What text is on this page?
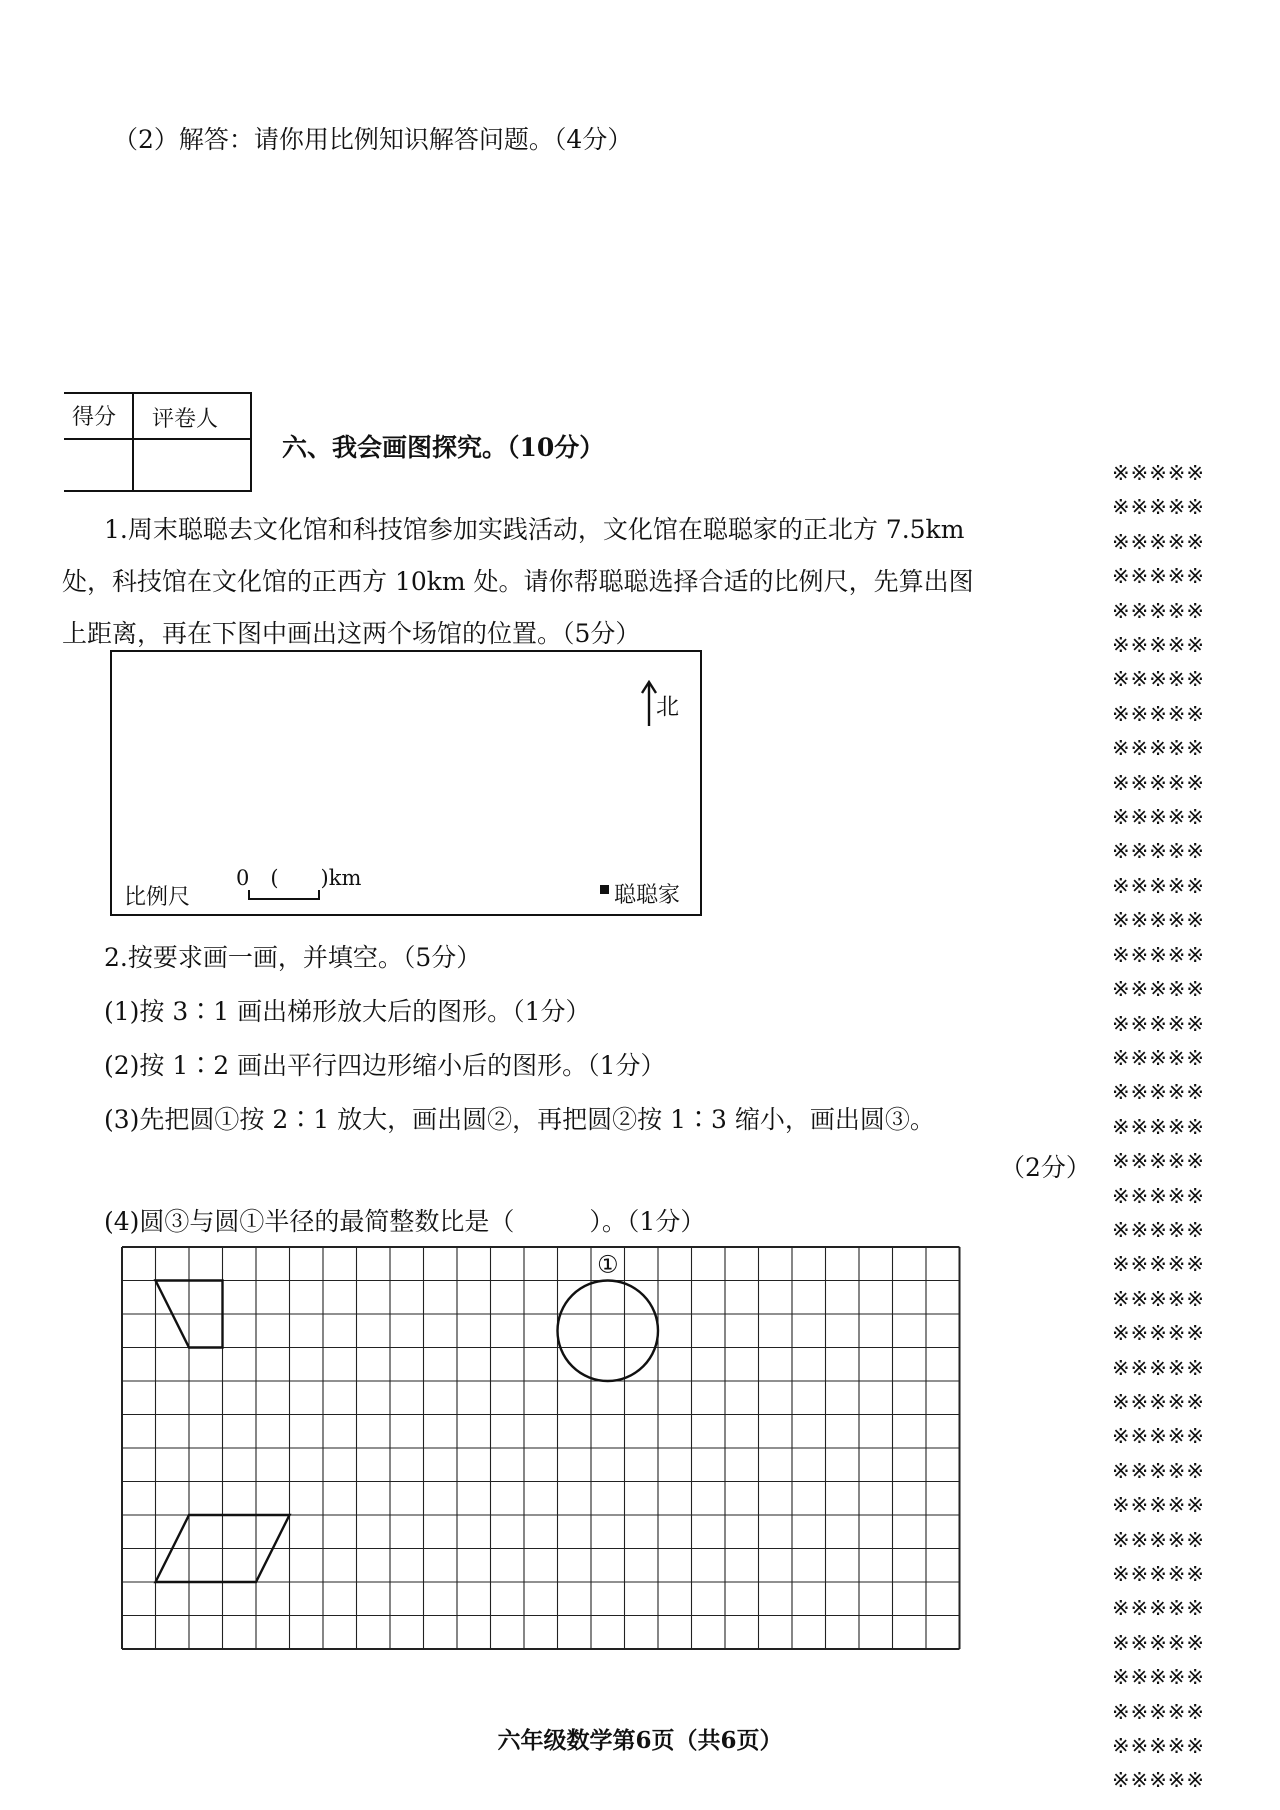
（2）解答：请你用比例知识解答问题。（4分）
得分 评卷人
六、我会画图探究。（10分）
1.周末聪聪去文化馆和科技馆参加实践活动，文化馆在聪聪家的正北方 7.5km
处，科技馆在文化馆的正西方 10km 处。请你帮聪聪选择合适的比例尺，先算出图
上距离，再在下图中画出这两个场馆的位置。（5分）
北
比例尺
0　(　　)km
聪聪家
2.按要求画一画，并填空。（5分）
(1)按 3∶1 画出梯形放大后的图形。（1分）
(2)按 1∶2 画出平行四边形缩小后的图形。（1分）
(3)先把圆①按 2∶1 放大，画出圆②，再把圆②按 1∶3 缩小，画出圆③。
（2分）
(4)圆③与圆①半径的最简整数比是（　　　）。（1分）
①
※※※※※
※※※※※
※※※※※
※※※※※
※※※※※
※※※※※
※※※※※
※※※※※
※※※※※
※※※※※
※※※※※
※※※※※
※※※※※
※※※※※
※※※※※
※※※※※
※※※※※
※※※※※
※※※※※
※※※※※
※※※※※
※※※※※
※※※※※
※※※※※
※※※※※
※※※※※
※※※※※
※※※※※
※※※※※
※※※※※
※※※※※
※※※※※
※※※※※
※※※※※
※※※※※
※※※※※
※※※※※
※※※※※
※※※※※
六年级数学第6页（共6页）
